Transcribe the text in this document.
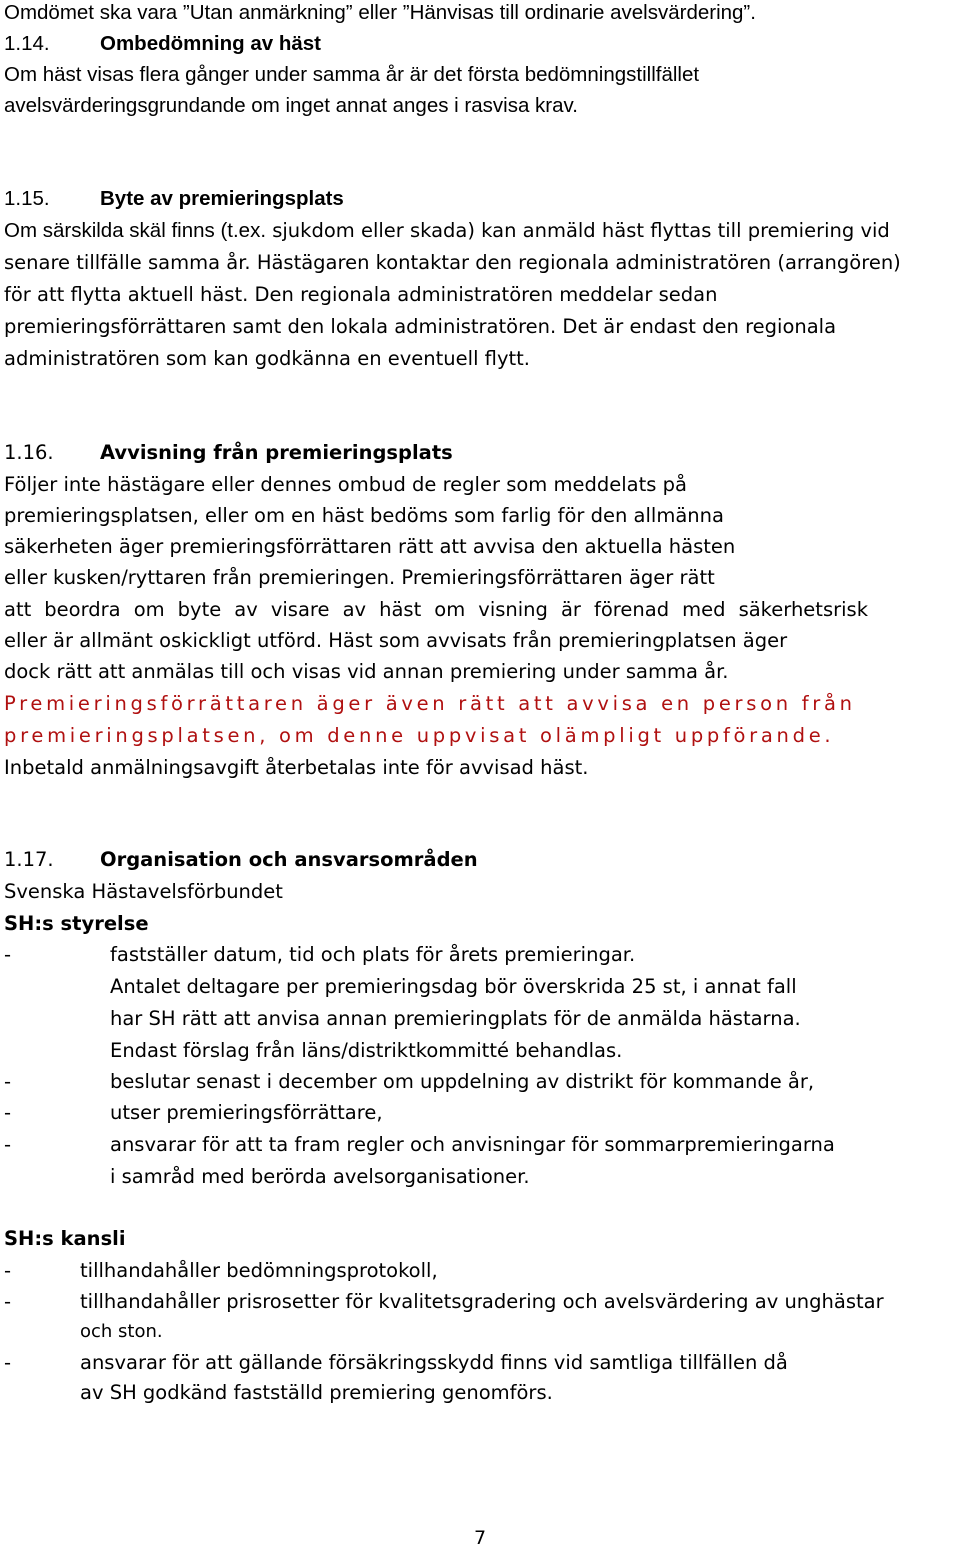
Omdömet ska vara ”Utan anmärkning” eller ”Hänvisas till ordinarie avelsvärdering”.
1.14. Ombedömning av häst
Om häst visas flera gånger under samma år är det första bedömningstillfället
avelsvärderingsgrundande om inget annat anges i rasvisa krav.
1.15. Byte av premieringsplats
Om särskilda skäl finns (t.ex. sjukdom eller skada) kan anmäld häst flyttas till premiering vid
senare tillfälle samma år. Hästägaren kontaktar den regionala administratören (arrangören)
för att flytta aktuell häst. Den regionala administratören meddelar sedan
premieringsförrättaren samt den lokala administratören. Det är endast den regionala
administratören som kan godkänna en eventuell flytt.
1.16. Avvisning från premieringsplats
Följer inte hästägare eller dennes ombud de regler som meddelats på
premieringsplatsen, eller om en häst bedöms som farlig för den allmänna
säkerheten äger premieringsförrättaren rätt att avvisa den aktuella hästen
eller kusken/ryttaren från premieringen. Premieringsförrättaren äger rätt
att beordra om byte av visare av häst om visning är förenad med säkerhetsrisk
eller är allmänt oskickligt utförd. Häst som avvisats från premieringplatsen äger
dock rätt att anmälas till och visas vid annan premiering under samma år.
Premieringsförrättaren äger även rätt att avvisa en person från
premieringsplatsen, om denne uppvisat olämpligt uppförande.
Inbetald anmälningsavgift återbetalas inte för avvisad häst.
1.17. Organisation och ansvarsområden
Svenska Hästavelsförbundet
SH:s styrelse
-	fastställer datum, tid och plats för årets premieringar.
Antalet deltagare per premieringsdag bör överskrida 25 st, i annat fall
har SH rätt att anvisa annan premieringplats för de anmälda hästarna.
Endast förslag från läns/distriktkommitté behandlas.
-	beslutar senast i december om uppdelning av distrikt för kommande år,
-	utser premieringsförrättare,
-	ansvarar för att ta fram regler och anvisningar för sommarpremieringarna
i samråd med berörda avelsorganisationer.
SH:s kansli
-	tillhandahåller bedömningsprotokoll,
-	tillhandahåller prisrosetter för kvalitetsgradering och avelsvärdering av unghästar
och ston.
-	ansvarar för att gällande försäkringsskydd finns vid samtliga tillfällen då
av SH godkänd fastställd premiering genomförs.
7
